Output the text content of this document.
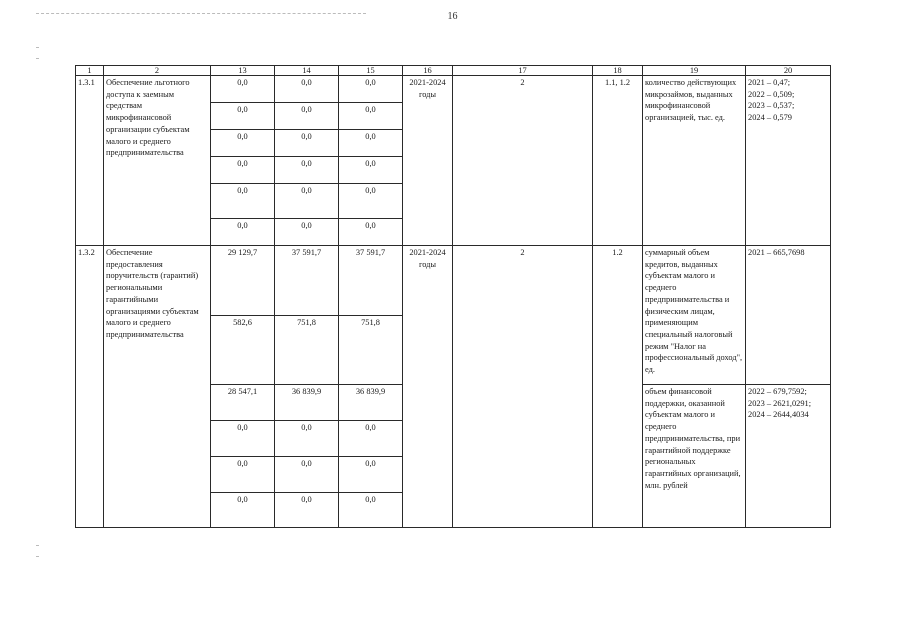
16
1	2	13	14	15	16	17	18	19	20
1.3.1	Обеспечение льготного доступа к заемным средствам микрофинансовой организации субъектам малого и среднего предпринимательства	0,0	0,0	0,0	2021-2024 годы	2	1.1, 1.2	количество действующих микрозаймов, выданных микрофинансовой организацией, тыс. ед.	2021 – 0,47;
2022 – 0,509;
2023 – 0,537;
2024 – 0,579

		0,0	0,0	0,0					
		0,0	0,0	0,0					
		0,0	0,0	0,0					
		0,0	0,0	0,0					
		0,0	0,0	0,0					
1.3.2	Обеспечение предоставления поручительств (гарантий) региональными гарантийными организациями субъектам малого и среднего предпринимательства	29 129,7	37 591,7	37 591,7	2021-2024 годы	2	1.2	суммарный объем кредитов, выданных субъектам малого и среднего предпринимательства и физическим лицам, применяющим специальный налоговый режим "Налог на профессиональный доход", ед.	2021 – 665,7698

		582,6	751,8	751,8					
		28 547,1	36 839,9	36 839,9				объем финансовой поддержки, оказанной субъектам малого и среднего предпринимательства, при гарантийной поддержке региональных гарантийных организаций, млн. рублей	2022 – 679,7592;
2023 – 2621,0291;
2024 – 2644,4034

		0,0	0,0	0,0					
		0,0	0,0	0,0					
		0,0	0,0	0,0					
